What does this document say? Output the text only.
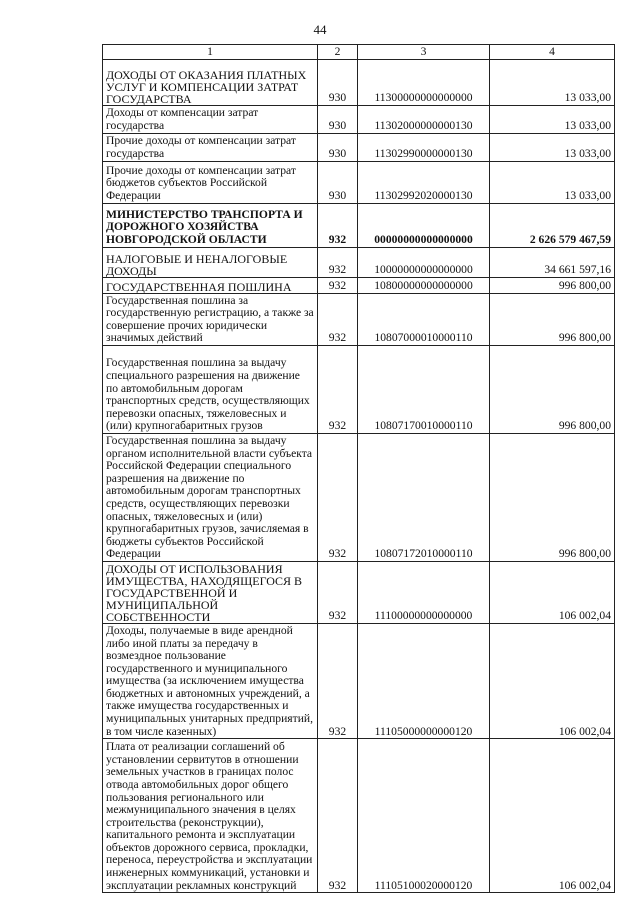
44
1	2	3	4
ДОХОДЫ ОТ ОКАЗАНИЯ ПЛАТНЫХ УСЛУГ И КОМПЕНСАЦИИ ЗАТРАТ ГОСУДАРСТВА	930	11300000000000000	13 033,00
Доходы от компенсации затрат государства	930	11302000000000130	13 033,00
Прочие доходы от компенсации затрат государства	930	11302990000000130	13 033,00
Прочие доходы от компенсации затрат бюджетов субъектов Российской Федерации	930	11302992020000130	13 033,00
МИНИСТЕРСТВО ТРАНСПОРТА И ДОРОЖНОГО ХОЗЯЙСТВА НОВГОРОДСКОЙ ОБЛАСТИ	932	00000000000000000	2 626 579 467,59
НАЛОГОВЫЕ И НЕНАЛОГОВЫЕ ДОХОДЫ	932	10000000000000000	34 661 597,16
ГОСУДАРСТВЕННАЯ ПОШЛИНА	932	10800000000000000	996 800,00
Государственная пошлина за государственную регистрацию, а также за совершение прочих юридически значимых действий	932	10807000010000110	996 800,00
Государственная пошлина за выдачу специального разрешения на движение по автомобильным дорогам транспортных средств, осуществляющих перевозки опасных, тяжеловесных и (или) крупногабаритных грузов	932	10807170010000110	996 800,00
Государственная пошлина за выдачу органом исполнительной власти субъекта Российской Федерации специального разрешения на движение по автомобильным дорогам транспортных средств, осуществляющих перевозки опасных, тяжеловесных и (или) крупногабаритных грузов, зачисляемая в бюджеты субъектов Российской Федерации	932	10807172010000110	996 800,00
ДОХОДЫ ОТ ИСПОЛЬЗОВАНИЯ ИМУЩЕСТВА, НАХОДЯЩЕГОСЯ В ГОСУДАРСТВЕННОЙ И МУНИЦИПАЛЬНОЙ СОБСТВЕННОСТИ	932	11100000000000000	106 002,04
Доходы, получаемые в виде арендной либо иной платы за передачу в возмездное пользование государственного и муниципального имущества (за исключением имущества бюджетных и автономных учреждений, а также имущества государственных и муниципальных унитарных предприятий, в том числе казенных)	932	11105000000000120	106 002,04
Плата от реализации соглашений об установлении сервитутов в отношении земельных участков в границах полос отвода автомобильных дорог общего пользования регионального или межмуниципального значения в целях строительства (реконструкции), капитального ремонта и эксплуатации объектов дорожного сервиса, прокладки, переноса, переустройства и эксплуатации инженерных коммуникаций, установки и эксплуатации рекламных конструкций	932	11105100020000120	106 002,04
